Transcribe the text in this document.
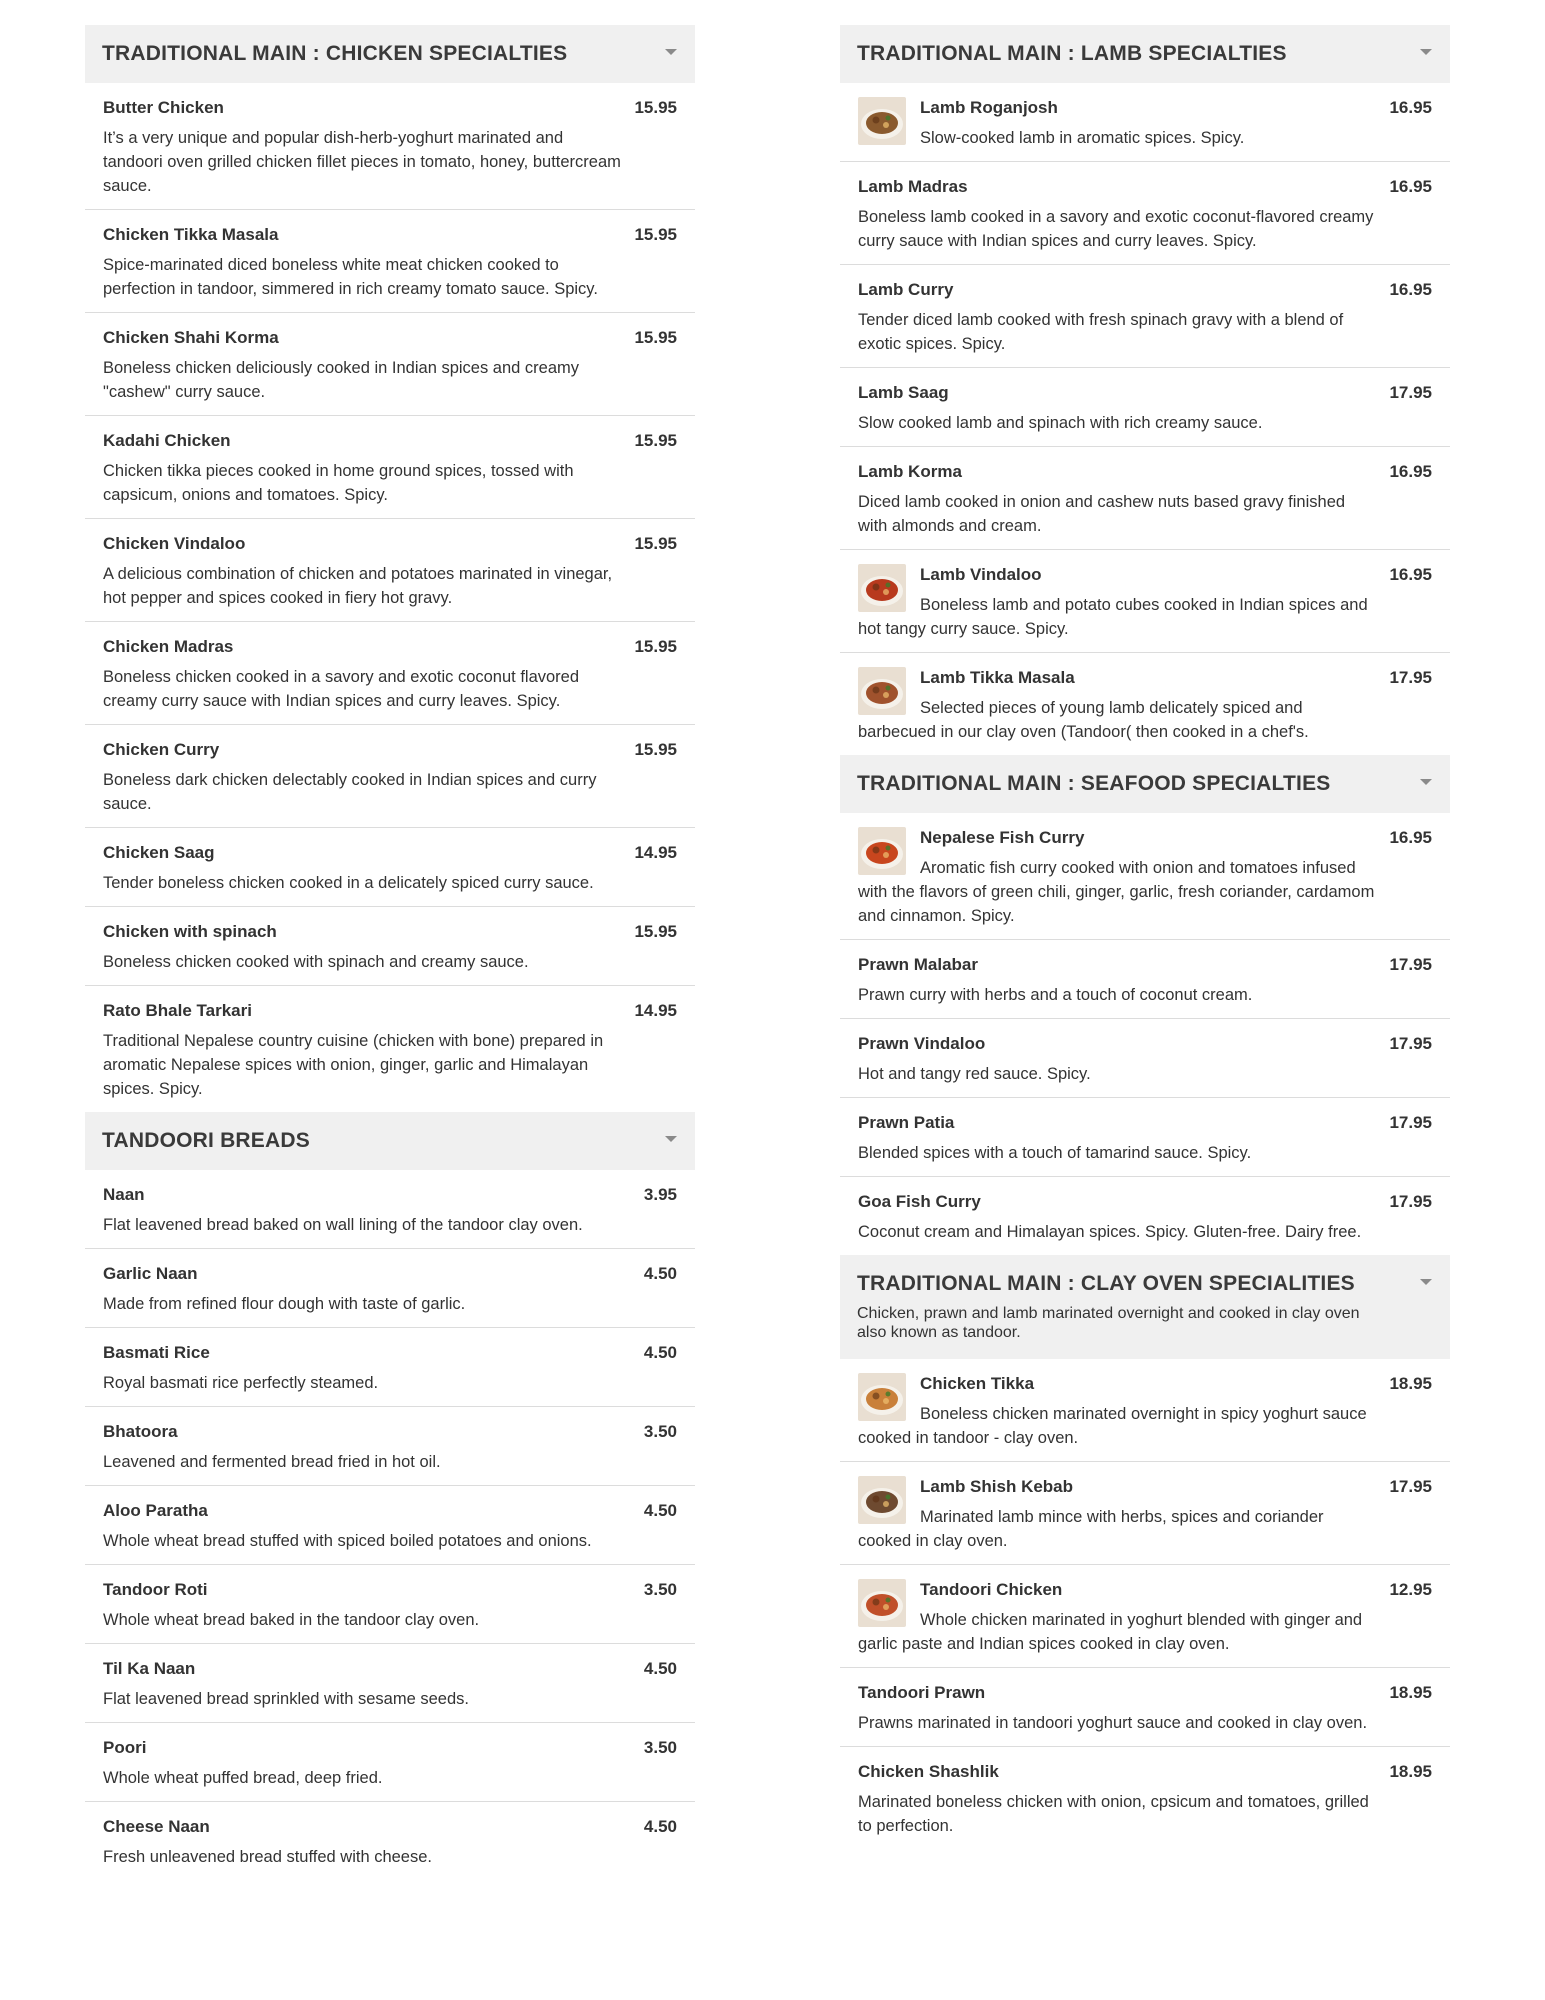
TRADITIONAL MAIN : CHICKEN SPECIALTIES
Butter Chicken	15.95
It’s a very unique and popular dish-herb-yoghurt marinated and tandoori oven grilled chicken fillet pieces in tomato, honey, buttercream sauce.
Chicken Tikka Masala	15.95
Spice-marinated diced boneless white meat chicken cooked to perfection in tandoor, simmered in rich creamy tomato sauce. Spicy.
Chicken Shahi Korma	15.95
Boneless chicken deliciously cooked in Indian spices and creamy "cashew" curry sauce.
Kadahi Chicken	15.95
Chicken tikka pieces cooked in home ground spices, tossed with capsicum, onions and tomatoes. Spicy.
Chicken Vindaloo	15.95
A delicious combination of chicken and potatoes marinated in vinegar, hot pepper and spices cooked in fiery hot gravy.
Chicken Madras	15.95
Boneless chicken cooked in a savory and exotic coconut flavored creamy curry sauce with Indian spices and curry leaves. Spicy.
Chicken Curry	15.95
Boneless dark chicken delectably cooked in Indian spices and curry sauce.
Chicken Saag	14.95
Tender boneless chicken cooked in a delicately spiced curry sauce.
Chicken with spinach	15.95
Boneless chicken cooked with spinach and creamy sauce.
Rato Bhale Tarkari	14.95
Traditional Nepalese country cuisine (chicken with bone) prepared in aromatic Nepalese spices with onion, ginger, garlic and Himalayan spices. Spicy.
TANDOORI BREADS
Naan	3.95
Flat leavened bread baked on wall lining of the tandoor clay oven.
Garlic Naan	4.50
Made from refined flour dough with taste of garlic.
Basmati Rice	4.50
Royal basmati rice perfectly steamed.
Bhatoora	3.50
Leavened and fermented bread fried in hot oil.
Aloo Paratha	4.50
Whole wheat bread stuffed with spiced boiled potatoes and onions.
Tandoor Roti	3.50
Whole wheat bread baked in the tandoor clay oven.
Til Ka Naan	4.50
Flat leavened bread sprinkled with sesame seeds.
Poori	3.50
Whole wheat puffed bread, deep fried.
Cheese Naan	4.50
Fresh unleavened bread stuffed with cheese.
TRADITIONAL MAIN : LAMB SPECIALTIES
Lamb Roganjosh	16.95
Slow-cooked lamb in aromatic spices. Spicy.
Lamb Madras	16.95
Boneless lamb cooked in a savory and exotic coconut-flavored creamy curry sauce with Indian spices and curry leaves. Spicy.
Lamb Curry	16.95
Tender diced lamb cooked with fresh spinach gravy with a blend of exotic spices. Spicy.
Lamb Saag	17.95
Slow cooked lamb and spinach with rich creamy sauce.
Lamb Korma	16.95
Diced lamb cooked in onion and cashew nuts based gravy finished with almonds and cream.
Lamb Vindaloo	16.95
Boneless lamb and potato cubes cooked in Indian spices and hot tangy curry sauce. Spicy.
Lamb Tikka Masala	17.95
Selected pieces of young lamb delicately spiced and barbecued in our clay oven (Tandoor( then cooked in a chef's.
TRADITIONAL MAIN : SEAFOOD SPECIALTIES
Nepalese Fish Curry	16.95
Aromatic fish curry cooked with onion and tomatoes infused with the flavors of green chili, ginger, garlic, fresh coriander, cardamom and cinnamon. Spicy.
Prawn Malabar	17.95
Prawn curry with herbs and a touch of coconut cream.
Prawn Vindaloo	17.95
Hot and tangy red sauce. Spicy.
Prawn Patia	17.95
Blended spices with a touch of tamarind sauce. Spicy.
Goa Fish Curry	17.95
Coconut cream and Himalayan spices. Spicy. Gluten-free. Dairy free.
TRADITIONAL MAIN : CLAY OVEN SPECIALITIES
Chicken, prawn and lamb marinated overnight and cooked in clay oven also known as tandoor.
Chicken Tikka	18.95
Boneless chicken marinated overnight in spicy yoghurt sauce cooked in tandoor - clay oven.
Lamb Shish Kebab	17.95
Marinated lamb mince with herbs, spices and coriander cooked in clay oven.
Tandoori Chicken	12.95
Whole chicken marinated in yoghurt blended with ginger and garlic paste and Indian spices cooked in clay oven.
Tandoori Prawn	18.95
Prawns marinated in tandoori yoghurt sauce and cooked in clay oven.
Chicken Shashlik	18.95
Marinated boneless chicken with onion, cpsicum and tomatoes, grilled to perfection.
